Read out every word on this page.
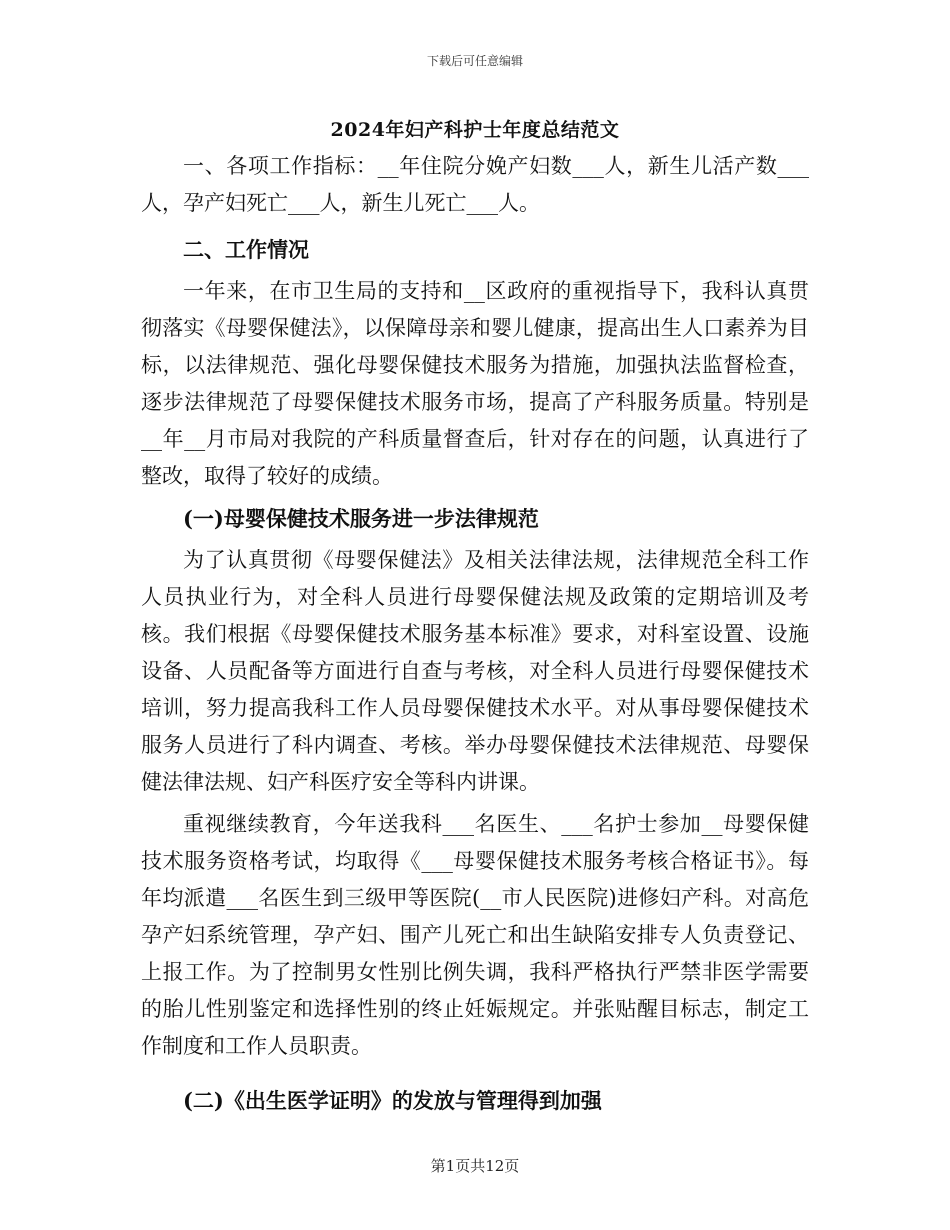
下载后可任意编辑
2024年妇产科护士年度总结范文

一、各项工作指标：__年住院分娩产妇数___人，新生儿活产数___人，孕产妇死亡___人，新生儿死亡___人。

二、工作情况

一年来，在市卫生局的支持和__区政府的重视指导下，我科认真贯彻落实《母婴保健法》，以保障母亲和婴儿健康，提高出生人口素养为目标，以法律规范、强化母婴保健技术服务为措施，加强执法监督检查，逐步法律规范了母婴保健技术服务市场，提高了产科服务质量。特别是__年__月市局对我院的产科质量督查后，针对存在的问题，认真进行了整改，取得了较好的成绩。

(一)母婴保健技术服务进一步法律规范

为了认真贯彻《母婴保健法》及相关法律法规，法律规范全科工作人员执业行为，对全科人员进行母婴保健法规及政策的定期培训及考核。我们根据《母婴保健技术服务基本标准》要求，对科室设置、设施设备、人员配备等方面进行自查与考核，对全科人员进行母婴保健技术培训，努力提高我科工作人员母婴保健技术水平。对从事母婴保健技术服务人员进行了科内调查、考核。举办母婴保健技术法律规范、母婴保健法律法规、妇产科医疗安全等科内讲课。

重视继续教育，今年送我科___名医生、___名护士参加__母婴保健技术服务资格考试，均取得《___母婴保健技术服务考核合格证书》。每年均派遣___名医生到三级甲等医院(__市人民医院)进修妇产科。对高危孕产妇系统管理，孕产妇、围产儿死亡和出生缺陷安排专人负责登记、上报工作。为了控制男女性别比例失调，我科严格执行严禁非医学需要的胎儿性别鉴定和选择性别的终止妊娠规定。并张贴醒目标志，制定工作制度和工作人员职责。

(二)《出生医学证明》的发放与管理得到加强
第1页共12页
